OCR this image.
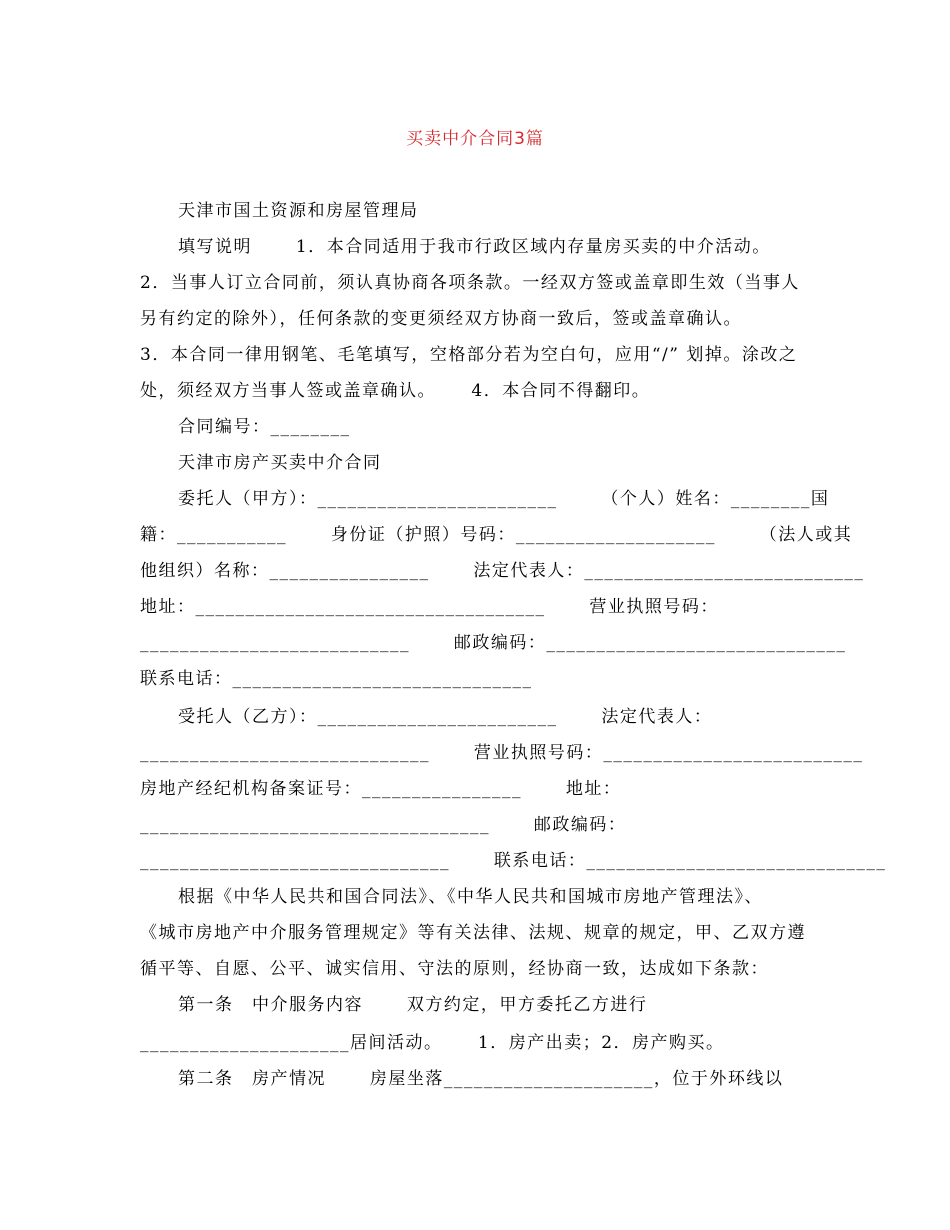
买卖中介合同3篇
天津市国土资源和房屋管理局
填写说明　　 1．本合同适用于我市行政区域内存量房买卖的中介活动。
2．当事人订立合同前，须认真协商各项条款。一经双方签或盖章即生效（当事人
另有约定的除外），任何条款的变更须经双方协商一致后，签或盖章确认。
3．本合同一律用钢笔、毛笔填写，空格部分若为空白句，应用“/” 划掉。涂改之
处，须经双方当事人签或盖章确认。　　 4．本合同不得翻印。
合同编号：________
天津市房产买卖中介合同
委托人（甲方）：________________________　　 （个人）姓名：________国
籍：___________　　 身份证（护照）号码：____________________　　 （法人或其
他组织）名称：________________　　 法定代表人：____________________________
地址：___________________________________　　 营业执照号码：
___________________________　　 邮政编码：______________________________
联系电话：______________________________
受托人（乙方）：________________________　　 法定代表人：
_____________________________　　 营业执照号码：__________________________
房地产经纪机构备案证号：________________　　 地址：
___________________________________　　 邮政编码：
_______________________________　　 联系电话：______________________________
根据《中华人民共和国合同法》、《中华人民共和国城市房地产管理法》、
《城市房地产中介服务管理规定》等有关法律、法规、规章的规定，甲、乙双方遵
循平等、自愿、公平、诚实信用、守法的原则，经协商一致，达成如下条款：
第一条　中介服务内容　　 双方约定，甲方委托乙方进行
_____________________居间活动。　　 1．房产出卖；2．房产购买。
第二条　房产情况　　 房屋坐落_____________________，位于外环线以
